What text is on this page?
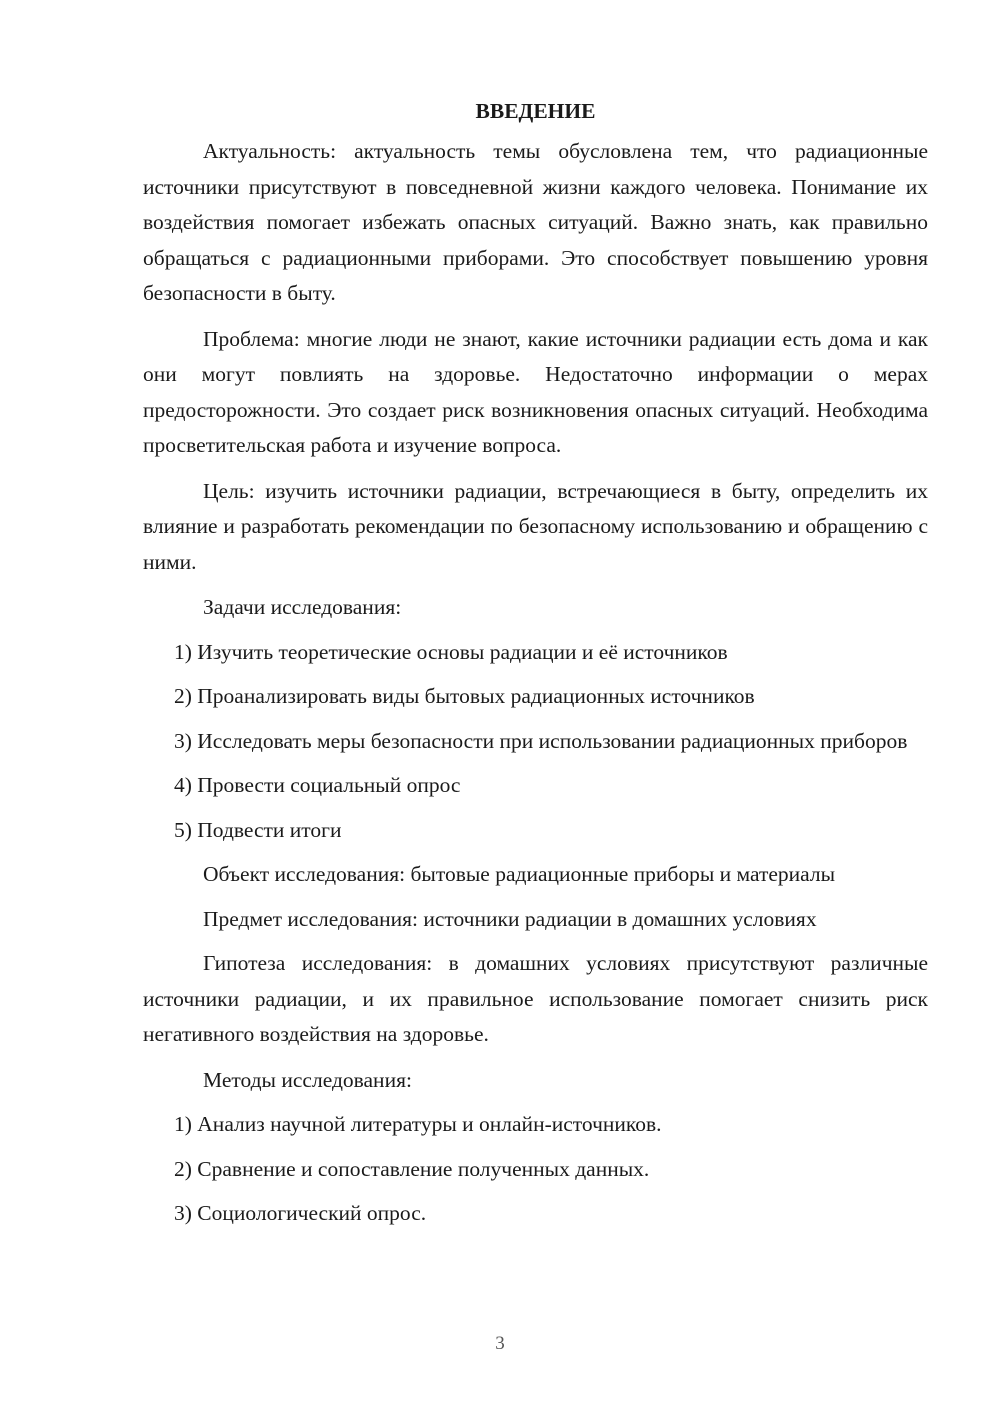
ВВЕДЕНИЕ

Актуальность: актуальность темы обусловлена тем, что радиационные источники присутствуют в повседневной жизни каждого человека. Понимание их воздействия помогает избежать опасных ситуаций. Важно знать, как правильно обращаться с радиационными приборами. Это способствует повышению уровня безопасности в быту.

Проблема: многие люди не знают, какие источники радиации есть дома и как они могут повлиять на здоровье. Недостаточно информации о мерах предосторожности. Это создает риск возникновения опасных ситуаций. Необходима просветительская работа и изучение вопроса.

Цель: изучить источники радиации, встречающиеся в быту, определить их влияние и разработать рекомендации по безопасному использованию и обращению с ними.

Задачи исследования:

1) Изучить теоретические основы радиации и её источников

2) Проанализировать виды бытовых радиационных источников

3) Исследовать меры безопасности при использовании радиационных приборов

4) Провести социальный опрос

5) Подвести итоги

Объект исследования: бытовые радиационные приборы и материалы

Предмет исследования: источники радиации в домашних условиях

Гипотеза исследования: в домашних условиях присутствуют различные источники радиации, и их правильное использование помогает снизить риск негативного воздействия на здоровье.

Методы исследования:

1) Анализ научной литературы и онлайн-источников.

2) Сравнение и сопоставление полученных данных.

3) Социологический опрос.

3
